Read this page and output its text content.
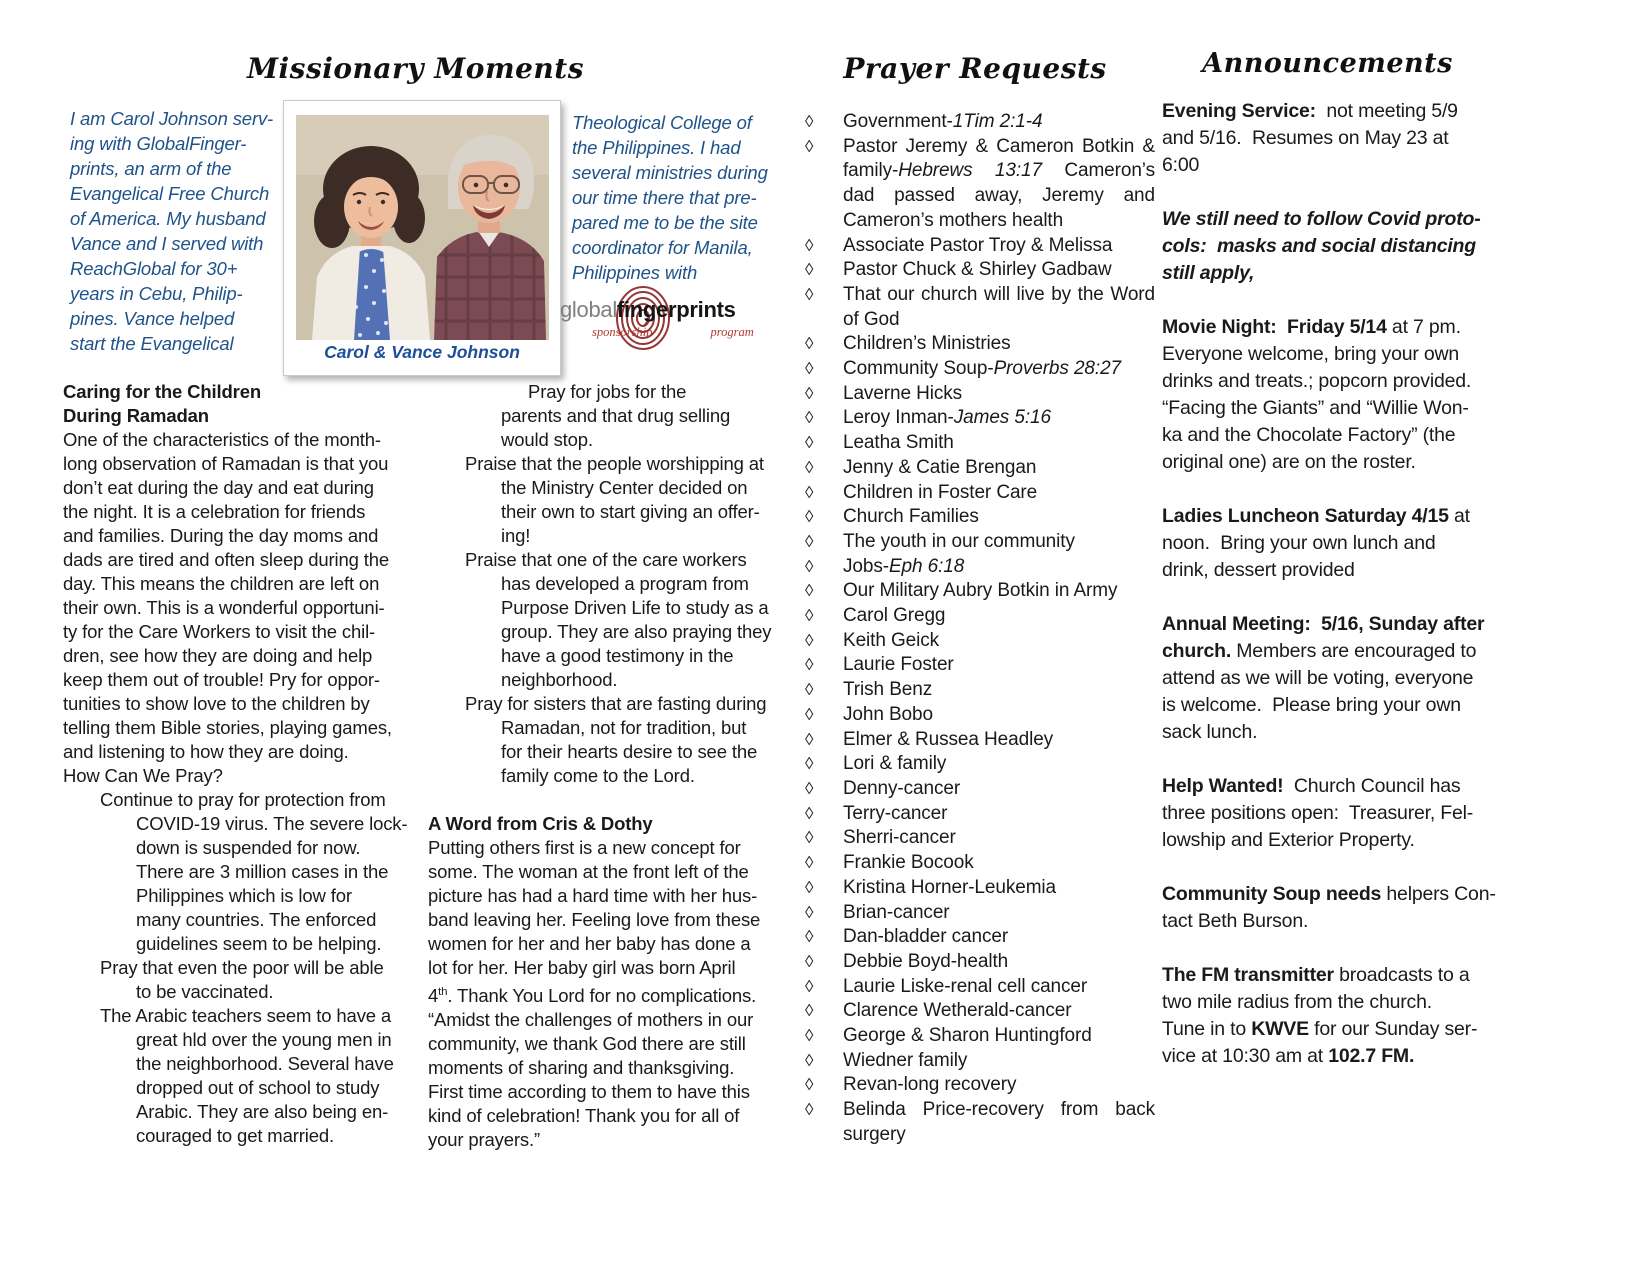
Missionary Moments
I am Carol Johnson serv-
ing with GlobalFinger-
prints, an arm of the
Evangelical Free Church
of America. My husband
Vance and I served with
ReachGlobal for 30+
years in Cebu, Philip-
pines. Vance helped
start the Evangelical	Carol & Vance Johnson
Theological College of
the Philippines. I had
several ministries during
our time there that pre-
pared me to be the site
coordinator for Manila,
Philippines with
globalfingerprints
sponsorship	program
Caring for the Children
During Ramadan
One of the characteristics of the month-
long observation of Ramadan is that you
don’t eat during the day and eat during
the night. It is a celebration for friends
and families. During the day moms and
dads are tired and often sleep during the
day. This means the children are left on
their own. This is a wonderful opportuni-
ty for the Care Workers to visit the chil-
dren, see how they are doing and help
keep them out of trouble! Pry for oppor-
tunities to show love to the children by
telling them Bible stories, playing games,
and listening to how they are doing.
How Can We Pray?
Continue to pray for protection from
COVID-19 virus. The severe lock-
down is suspended for now.
There are 3 million cases in the
Philippines which is low for
many countries. The enforced
guidelines seem to be helping.
Pray that even the poor will be able
to be vaccinated.
The Arabic teachers seem to have a
great hld over the young men in
the neighborhood. Several have
dropped out of school to study
Arabic. They are also being en-
couraged to get married.
Pray for jobs for the
parents and that drug selling
would stop.
Praise that the people worshipping at
the Ministry Center decided on
their own to start giving an offer-
ing!
Praise that one of the care workers
has developed a program from
Purpose Driven Life to study as a
group. They are also praying they
have a good testimony in the
neighborhood.
Pray for sisters that are fasting during
Ramadan, not for tradition, but
for their hearts desire to see the
family come to the Lord.
A Word from Cris & Dothy
Putting others first is a new concept for
some. The woman at the front left of the
picture has had a hard time with her hus-
band leaving her. Feeling love from these
women for her and her baby has done a
lot for her. Her baby girl was born April
4th. Thank You Lord for no complications.
“Amidst the challenges of mothers in our
community, we thank God there are still
moments of sharing and thanksgiving.
First time according to them to have this
kind of celebration! Thank you for all of
your prayers.”
Prayer Requests
◊	Government-1Tim 2:1-4
◊	Pastor Jeremy & Cameron Botkin & family-Hebrews 13:17 Cameron’s dad passed away, Jeremy and Cameron’s mothers health
◊	Associate Pastor Troy & Melissa
◊	Pastor Chuck & Shirley Gadbaw
◊	That our church will live by the Word of God
◊	Children’s Ministries
◊	Community Soup-Proverbs 28:27
◊	Laverne Hicks
◊	Leroy Inman-James 5:16
◊	Leatha Smith
◊	Jenny & Catie Brengan
◊	Children in Foster Care
◊	Church Families
◊	The youth in our community
◊	Jobs-Eph 6:18
◊	Our Military Aubry Botkin in Army
◊	Carol Gregg
◊	Keith Geick
◊	Laurie Foster
◊	Trish Benz
◊	John Bobo
◊	Elmer & Russea Headley
◊	Lori & family
◊	Denny-cancer
◊	Terry-cancer
◊	Sherri-cancer
◊	Frankie Bocook
◊	Kristina Horner-Leukemia
◊	Brian-cancer
◊	Dan-bladder cancer
◊	Debbie Boyd-health
◊	Laurie Liske-renal cell cancer
◊	Clarence Wetherald-cancer
◊	George & Sharon Huntingford
◊	Wiedner family
◊	Revan-long recovery
◊	Belinda Price-recovery from back surgery
Announcements
Evening Service:  not meeting 5/9
and 5/16.  Resumes on May 23 at
6:00
We still need to follow Covid proto-
cols:  masks and social distancing
still apply,
Movie Night:  Friday 5/14 at 7 pm.
Everyone welcome, bring your own
drinks and treats.; popcorn provided.
“Facing the Giants” and “Willie Won-
ka and the Chocolate Factory” (the
original one) are on the roster.
Ladies Luncheon Saturday 4/15 at
noon.  Bring your own lunch and
drink, dessert provided
Annual Meeting:  5/16, Sunday after
church. Members are encouraged to
attend as we will be voting, everyone
is welcome.  Please bring your own
sack lunch.
Help Wanted!  Church Council has
three positions open:  Treasurer, Fel-
lowship and Exterior Property.
Community Soup needs helpers Con-
tact Beth Burson.
The FM transmitter broadcasts to a
two mile radius from the church.
Tune in to KWVE for our Sunday ser-
vice at 10:30 am at 102.7 FM.
